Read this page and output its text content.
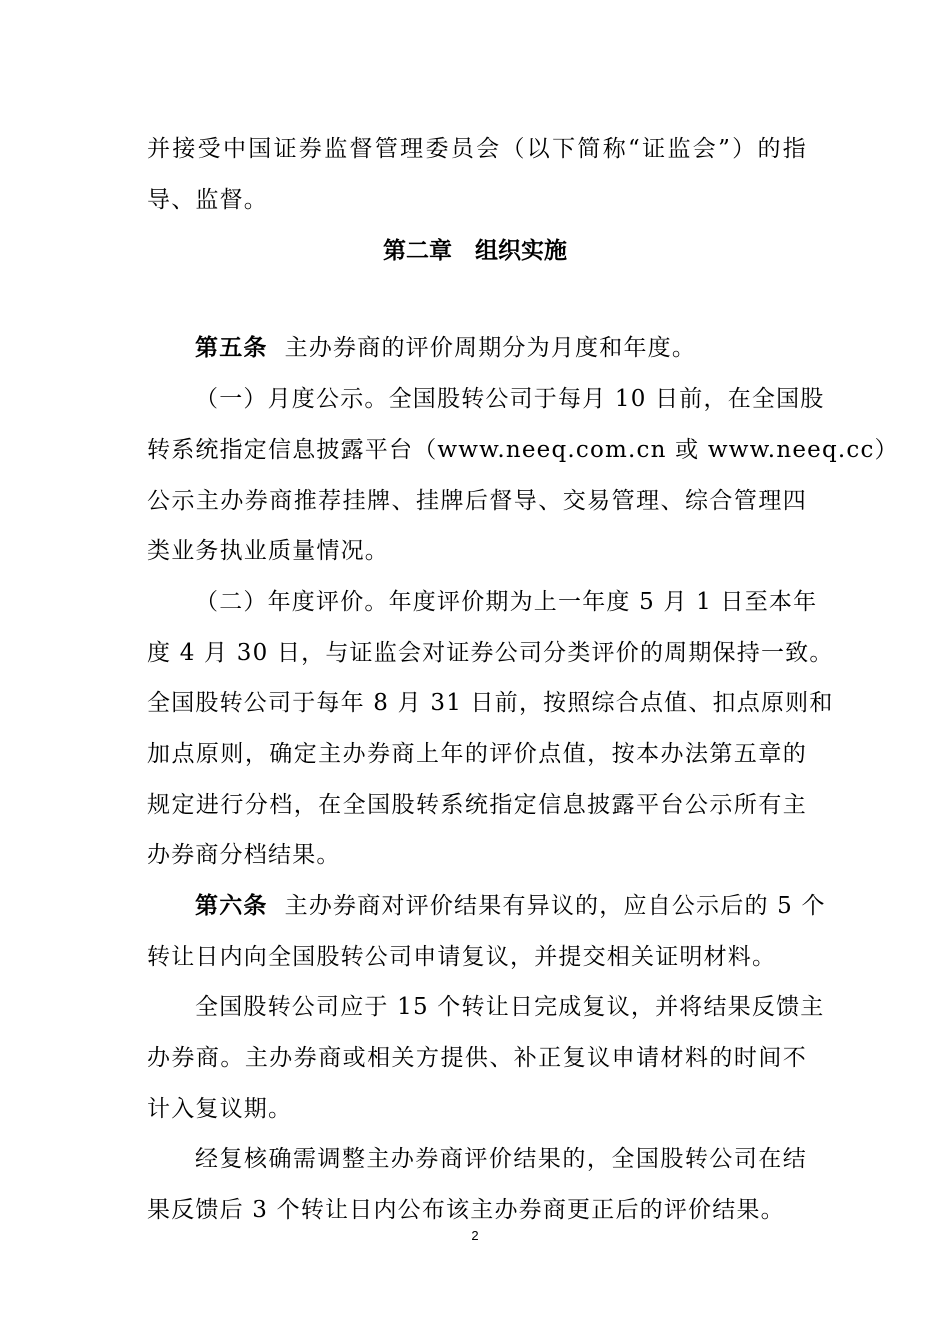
并接受中国证券监督管理委员会（以下简称“证监会”）的指
导、监督。
第二章　组织实施
第五条 主办券商的评价周期分为月度和年度。
（一）月度公示。全国股转公司于每月 10 日前，在全国股
转系统指定信息披露平台（www.neeq.com.cn 或 www.neeq.cc）
公示主办券商推荐挂牌、挂牌后督导、交易管理、综合管理四
类业务执业质量情况。
（二）年度评价。年度评价期为上一年度 5 月 1 日至本年
度 4 月 30 日，与证监会对证券公司分类评价的周期保持一致。
全国股转公司于每年 8 月 31 日前，按照综合点值、扣点原则和
加点原则，确定主办券商上年的评价点值，按本办法第五章的
规定进行分档，在全国股转系统指定信息披露平台公示所有主
办券商分档结果。
第六条 主办券商对评价结果有异议的，应自公示后的 5 个
转让日内向全国股转公司申请复议，并提交相关证明材料。
全国股转公司应于 15 个转让日完成复议，并将结果反馈主
办券商。主办券商或相关方提供、补正复议申请材料的时间不
计入复议期。
经复核确需调整主办券商评价结果的，全国股转公司在结
果反馈后 3 个转让日内公布该主办券商更正后的评价结果。
2
